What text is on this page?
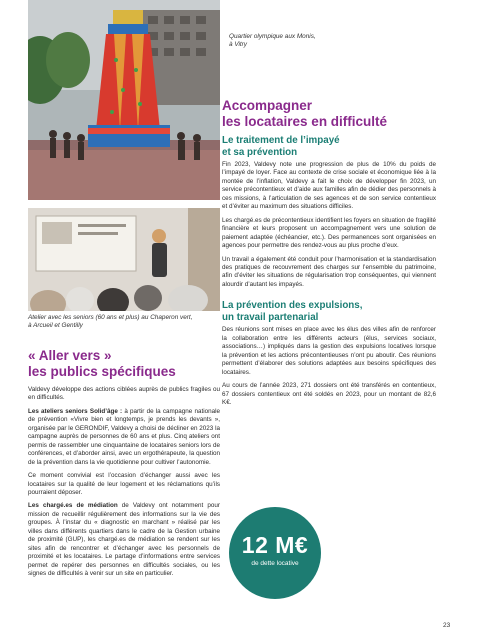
Quartier olympique aux Monis,
à Vitry
Atelier avec les seniors (60 ans et plus) au Chaperon vert,
à Arcueil et Gentilly
Accompagner
les locataires en difficulté
Le traitement de l’impayé
et sa prévention

Fin 2023, Valdevy note une progression de plus de 10% du poids de l’impayé de loyer. Face au contexte de crise sociale et économique liée à la montée de l’inflation, Valdevy a fait le choix de développer fin 2023, un service précontentieux et d’aide aux familles afin de dédier des personnels à ces missions, à l’articulation de ses agences et de son service contentieux et d’éviter au maximum des situations difficiles.

Les chargé.es de précontentieux identifient les foyers en situation de fragilité financière et leurs proposent un accompagnement vers une solution de paiement adaptée (échéancier, etc.). Des permanences sont organisées en agences pour permettre des rendez-vous au plus proche d’eux.

Un travail a également été conduit pour l’harmonisation et la standardisation des pratiques de recouvrement des charges sur l’ensemble du patrimoine, afin d’éviter les situations de régularisation trop conséquentes, qui viennent alourdir d’autant les impayés.

La prévention des expulsions,
un travail partenarial

Des réunions sont mises en place avec les élus des villes afin de renforcer la collaboration entre les différents acteurs (élus, services sociaux, associations…) impliqués dans la gestion des expulsions locatives lorsque la prévention et les actions précontentieuses n’ont pu aboutir. Ces réunions permettent d’élaborer des solutions adaptées aux besoins spécifiques des locataires.

Au cours de l’année 2023, 271 dossiers ont été transférés en contentieux, 67 dossiers contentieux ont été soldés en 2023, pour un montant de 82,6 K€.

« Aller vers »
les publics spécifiques

Valdevy développe des actions ciblées auprès de publics fragiles ou en difficultés.

Les ateliers seniors Solid’âge : à partir de la campagne nationale de prévention «Vivre bien et longtemps, je prends les devants », organisée par le GERONDIF, Valdevy a choisi de décliner en 2023 la campagne auprès de personnes de 60 ans et plus. Cinq ateliers ont permis de rassembler une cinquantaine de locataires seniors lors de conférences, et d’aborder ainsi, avec un ergothérapeute, la question de la prévention dans la vie quotidienne pour cultiver l’autonomie.

Ce moment convivial est l’occasion d’échanger aussi avec les locataires sur la qualité de leur logement et les réclamations qu’ils pourraient déposer.

Les chargé.es de médiation de Valdevy ont notamment pour mission de recueillir régulièrement des informations sur la vie des groupes. À l’instar du « diagnostic en marchant » réalisé par les villes dans différents quartiers dans le cadre de la Gestion urbaine de proximité (GUP), les chargé.es de médiation se rendent sur les sites afin de rencontrer et d’échanger avec les personnels de proximité et les locataires. Le partage d’informations entre services permet de repérer des personnes en difficultés sociales, ou les signes de difficultés à venir sur un site en particulier.

12 M€
de dette locative
23
